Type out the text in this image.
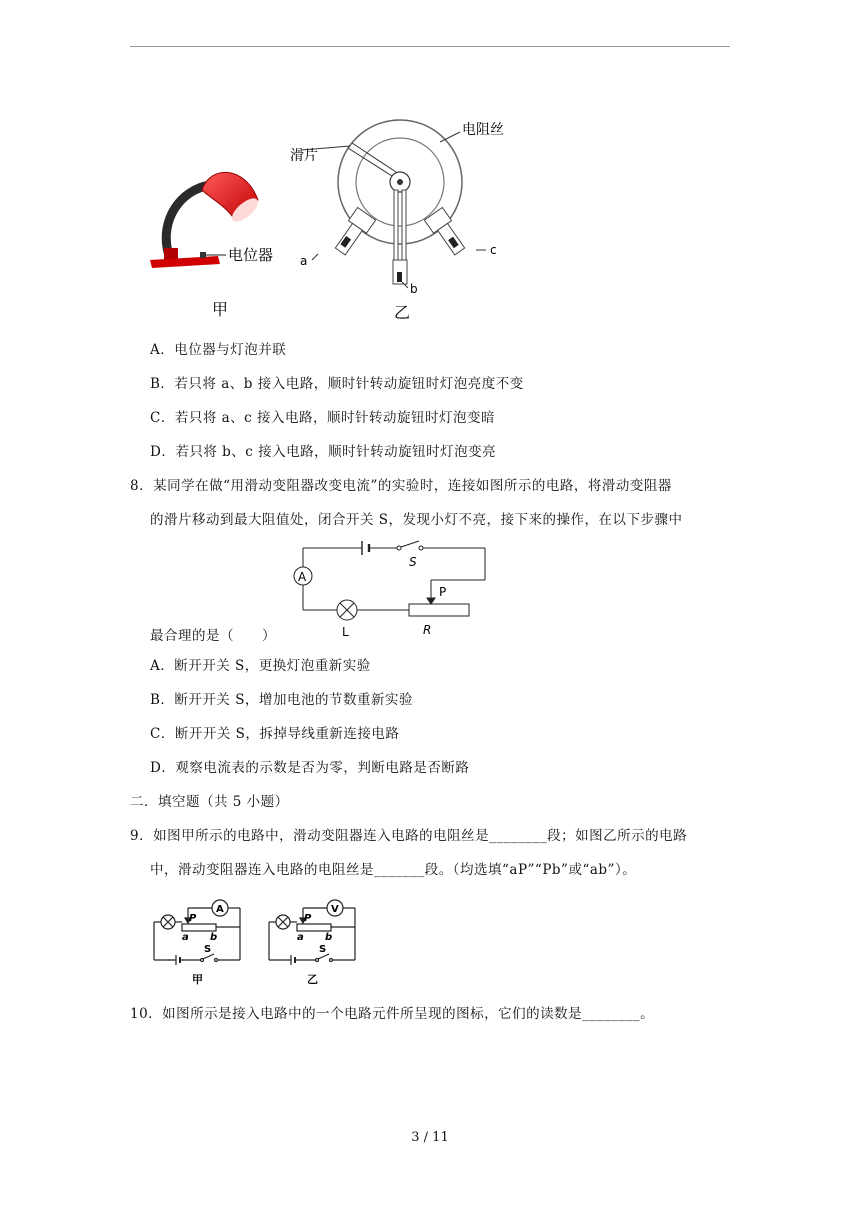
电位器
甲
滑片
电阻丝
b
a
c
乙
A．电位器与灯泡并联
B．若只将 a、b 接入电路，顺时针转动旋钮时灯泡亮度不变
C．若只将 a、c 接入电路，顺时针转动旋钮时灯泡变暗
D．若只将 b、c 接入电路，顺时针转动旋钮时灯泡变亮
8．某同学在做“用滑动变阻器改变电流”的实验时，连接如图所示的电路，将滑动变阻器
的滑片移动到最大阻值处，闭合开关 S，发现小灯不亮，接下来的操作，在以下步骤中
A
S
P
L	R
最合理的是（　　）
A．断开开关 S，更换灯泡重新实验
B．断开开关 S，增加电池的节数重新实验
C．断开开关 S，拆掉导线重新连接电路
D．观察电流表的示数是否为零，判断电路是否断路
二．填空题（共 5 小题）
9．如图甲所示的电路中，滑动变阻器连入电路的电阻丝是________段；如图乙所示的电路
中，滑动变阻器连入电路的电阻丝是_______段。（均选填“aP”“Pb”或“ab”）。
A
P
a b
S
甲
V
P
a b
S
乙
10．如图所示是接入电路中的一个电路元件所呈现的图标，它们的读数是________。
3 / 11
